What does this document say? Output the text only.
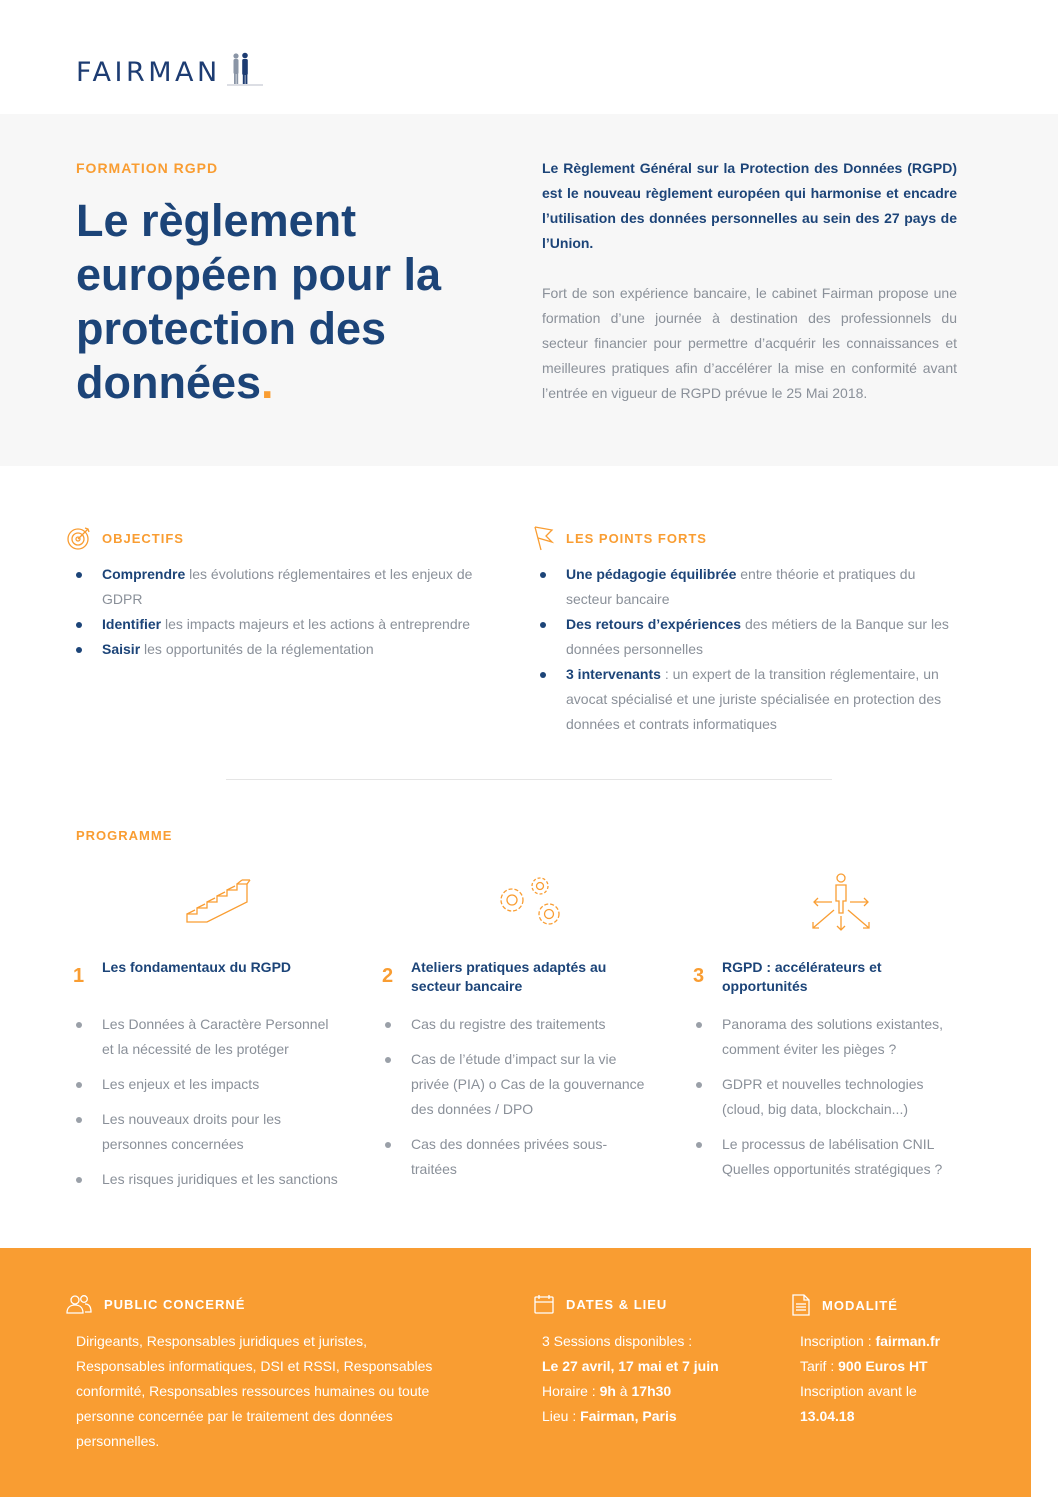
FAIRMAN
FORMATION RGPD
Le règlement européen pour la protection des données.

Le Règlement Général sur la Protection des Données (RGPD) est le nouveau règlement européen qui harmonise et encadre l’utilisation des données personnelles au sein des 27 pays de l’Union.

Fort de son expérience bancaire, le cabinet Fairman propose une formation d’une journée à destination des professionnels du secteur financier pour permettre d’acquérir les connaissances et meilleures pratiques afin d’accélérer la mise en conformité avant l’entrée en vigueur de RGPD prévue le 25 Mai 2018.

OBJECTIFS
Comprendre les évolutions réglementaires et les enjeux de GDPR
Identifier les impacts majeurs et les actions à entreprendre
Saisir les opportunités de la réglementation
LES POINTS FORTS
Une pédagogie équilibrée entre théorie et pratiques du secteur bancaire
Des retours d’expériences des métiers de la Banque sur les données personnelles
3 intervenants : un expert de la transition réglementaire, un avocat spécialisé et une juriste spécialisée en protection des données et contrats informatiques
PROGRAMME
1 Les fondamentaux du RGPD	2 Ateliers pratiques adaptés au secteur bancaire	3 RGPD : accélérateurs et opportunités
Les Données à Caractère Personnel et la nécessité de les protéger
Les enjeux et les impacts
Les nouveaux droits pour les personnes concernées
Les risques juridiques et les sanctions
Cas du registre des traitements
Cas de l’étude d’impact sur la vie privée (PIA) o Cas de la gouvernance des données / DPO
Cas des données privées sous-traitées
Panorama des solutions existantes, comment éviter les pièges ?
GDPR et nouvelles technologies (cloud, big data, blockchain...)
Le processus de labélisation CNIL Quelles opportunités stratégiques ?
PUBLIC CONCERNÉ

Dirigeants, Responsables juridiques et juristes, Responsables informatiques, DSI et RSSI, Responsables conformité, Responsables ressources humaines ou toute personne concernée par le traitement des données personnelles.

DATES & LIEU
3 Sessions disponibles :
Le 27 avril, 17 mai et 7 juin
Horaire : 9h à 17h30
Lieu : Fairman, Paris
MODALITÉ
Inscription : fairman.fr
Tarif : 900 Euros HT
Inscription avant le
13.04.18
